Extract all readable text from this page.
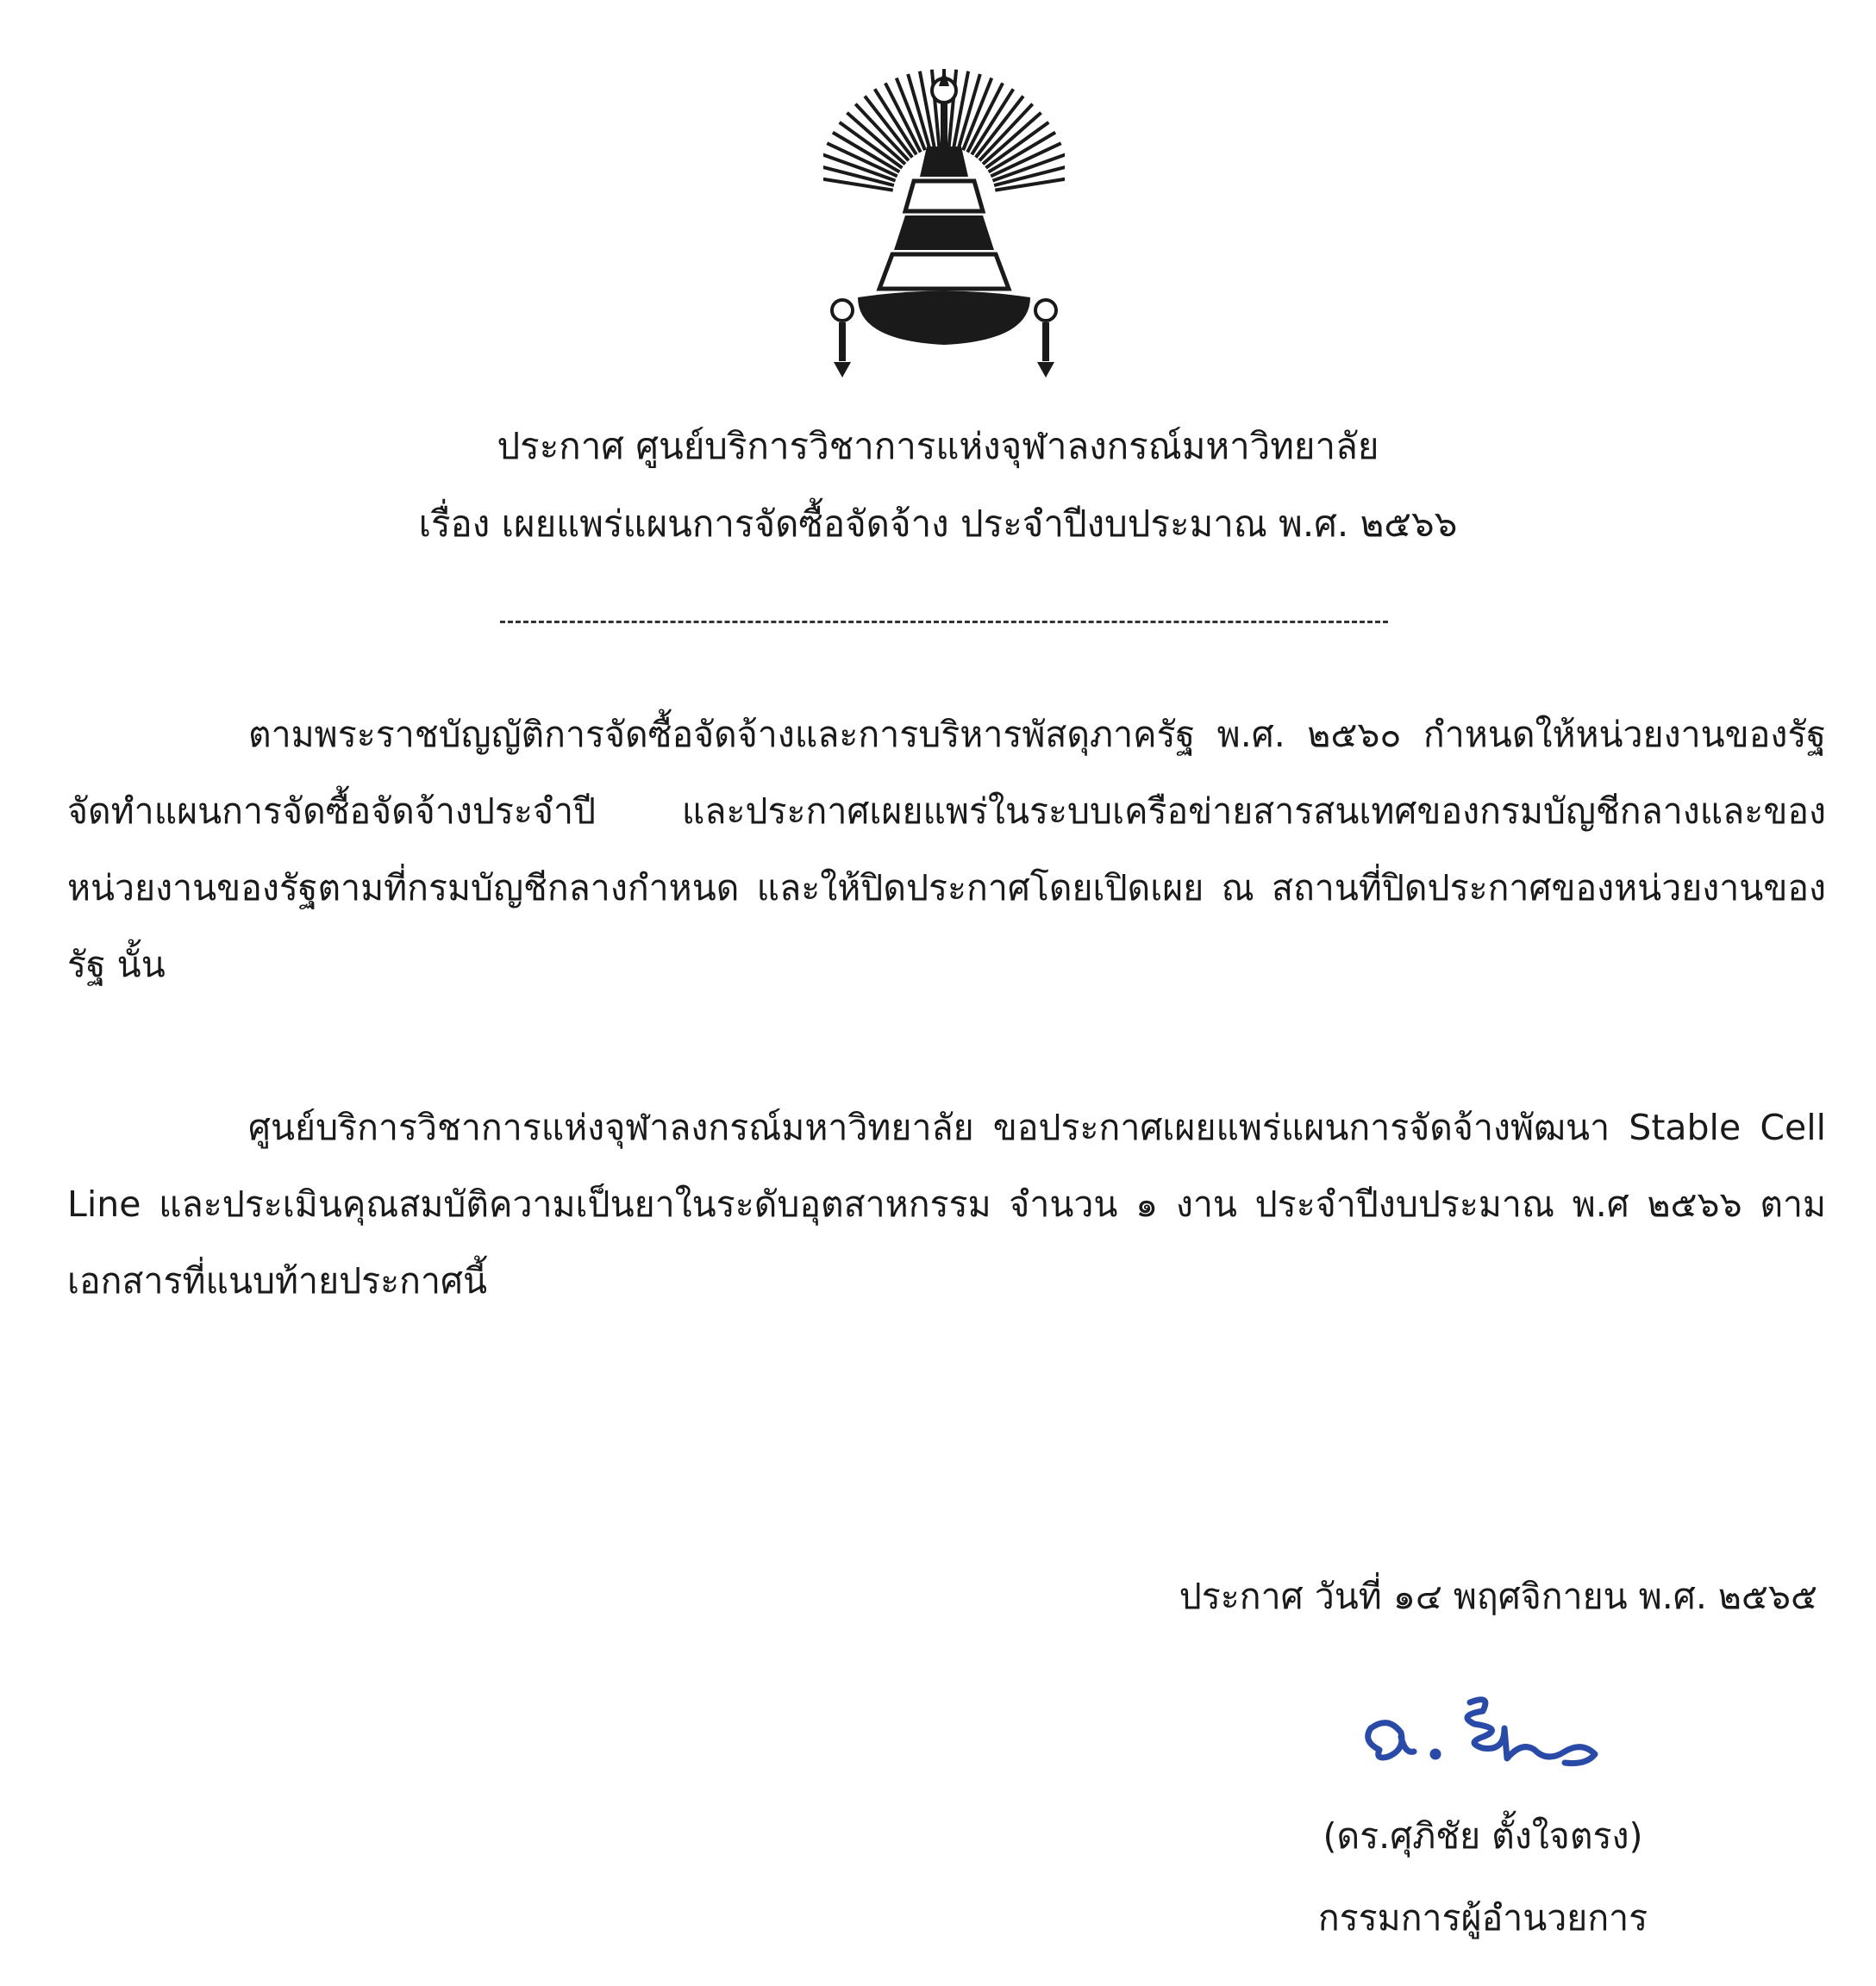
ประกาศ ศูนย์บริการวิชาการแห่งจุฬาลงกรณ์มหาวิทยาลัย
เรื่อง เผยแพร่แผนการจัดซื้อจัดจ้าง ประจำปีงบประมาณ พ.ศ. ๒๕๖๖
ตามพระราชบัญญัติการจัดซื้อจัดจ้างและการบริหารพัสดุภาครัฐ พ.ศ. ๒๕๖๐ กำหนดให้หน่วยงานของรัฐจัดทำแผนการจัดซื้อจัดจ้างประจำปี และประกาศเผยแพร่ในระบบเครือข่ายสารสนเทศของกรมบัญชีกลางและของหน่วยงานของรัฐตามที่กรมบัญชีกลางกำหนด และให้ปิดประกาศโดยเปิดเผย ณ สถานที่ปิดประกาศของหน่วยงานของรัฐ นั้น
ศูนย์บริการวิชาการแห่งจุฬาลงกรณ์มหาวิทยาลัย ขอประกาศเผยแพร่แผนการจัดจ้างพัฒนา Stable Cell Line และประเมินคุณสมบัติความเป็นยาในระดับอุตสาหกรรม จำนวน ๑ งาน ประจำปีงบประมาณ พ.ศ ๒๕๖๖ ตามเอกสารที่แนบท้ายประกาศนี้
ประกาศ วันที่ ๑๔ พฤศจิกายน พ.ศ. ๒๕๖๕
(ดร.ศุภิชัย ตั้งใจตรง)
กรรมการผู้อำนวยการ
